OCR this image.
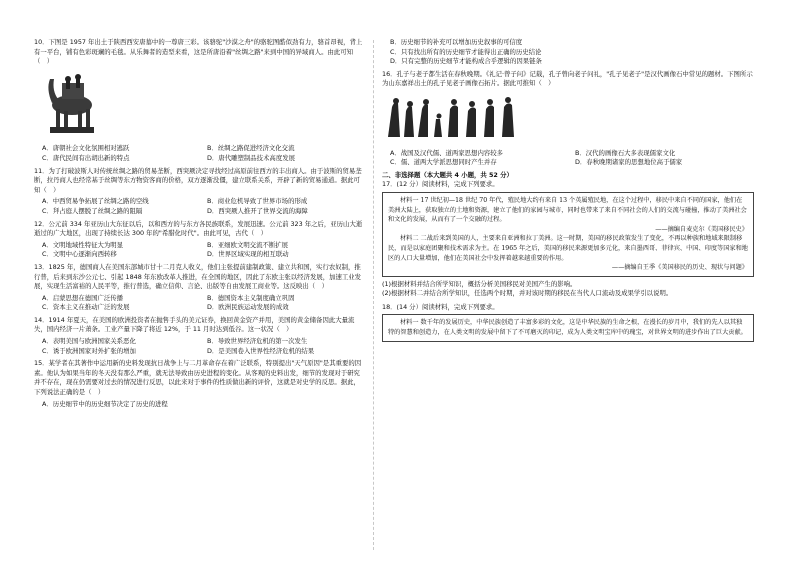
10．下图是 1957 年出土于陕西西安唐墓中的一尊唐三彩。该骆驼"沙漠之舟"的骆驼图酷似劲有力，骆首昂视，背上有一平台，铺有色彩斑斓的毛毯。从乐舞者的造型来看，这是所唐沿着"丝绸之路"来到中国的异域商人。由此可知（　）

A．唐朝社会文化氛围相对逃跃	B．丝绸之路促进经济文化交流
C．唐代民间有出胡出新的特点	D．唐代雕塑制品技术高度发展

11．为了打破波斯人对传统丝绸之路的贸易垄断，西突厥决定寻找经过高原前往西方的丰出商人。由于波斯的贸易垄断，拉丹商人也经常基于丝绸等东方物资客商的价格，双方逐渐没僵，建立联系关系，开辟了新的贸易通道。据此可知（　）

A．中西贸易争拓展了丝绸之路的空线	B．商业危机导致了世界市场的形成
C．拜占庭人摆脱了丝绸之路的阻隔	D．西突厥人推开了世界交流的海障

12．公元前 334 年亚历山大东征以后，以和西方的与东方各民族联系，发展迅速。公元前 323 年之后，亚历山大逝逝过的广大地区，出现了持续长达 300 年的"希腊化时代"。由此可见，古代（　）

A．文明地域性特征大为明显	B．亚细欧文明交流不断扩展
C．文明中心逐渐向西转移	D．世界区域实现的相互联动

13．1825 年，德国商人在美国东部城市甘十二月克人收义，他们主张提前建制政策、建立共和国，实行农奴制，推行普，后来到东沙公元七、引起 1848 年东欧改革人推进，在全国的地区，因此了东欧主张以经济发展，加速工业发展，实现生活富裕的人民平等，推行普选，确立信仰、言论、出版等自由发展工商业等。这反映出（　）

A．启蒙思想在德国广泛传播	B．德国资本主义制度确立巩固
C．资本主义在推动广泛的发展	D．欧洲民族运动发展的成效

14．1914 年夏天，在美国的欧洲投资者在抛售手头的美元证券，换回黄金资产并用，美国的黄金储备因此大量流失，国内经济一片萧条。工业产量下降了将近 12%，于 11 月时达到低谷。这一状况（　）

A．表明美国与欧洲国家关系恶化	B．导致世界经济危机的第一次发生
C．诱于欧洲国家对外扩张的增加	D．是美国卷入世界性经济危机的结果

15．某学者在其著作中运用新的史料发现抗日战争上与二月革命存在着广泛联系，特别提出"天气原因"是其重要的因素。他认为如果当年的冬天没有那么严重，就无法导致由历史进程的变化。从客观的史料出发，细节的发现对于研究并不存在，现在仍需要对过去的情况进行反思，以此来对于事件的性质做出新的评价，这就是对史学的反思。据此，下列说法正确的是（　）

A．历史细节中的历史细节决定了历史的进程
B．历史细节的补充可以增加历史叙事的可信度
C．只有找出所有的历史细节才能得出正确的历史结论
D．只有完整的历史细节才能构成合乎逻辑的因果链条

16．孔子与老子都生活在春秋晚期。《礼记·曾子问》记载，孔子曾向老子问礼，"孔子见老子"是汉代画像石中常见的题材。下图所示为山东嘉祥出土的孔子见老子画像石拓片。据此可推知（　）

A．战国及汉代儒、道两家思想内容较多	B．汉代的画像石大多表现儒家文化
C．儒、道两大学派思想同时产生并存	D．春秋晚期诸家的思想地位高于儒家

二、非选择题（本大题共 4 小题，共 52 分）

17．(12 分）阅读材料，完成下列要求。

材料一 17 世纪初—18 世纪 70 年代，殖民地大约有来自 13 个英属殖民地，在这个过程中，移民中来自不同的国家，他们在美洲大陆上，获取独立的土地和资源，建立了他们的家园与城市，同时也带来了来自不同社会的人们的交流与碰撞，推动了美洲社会和文化的发展，从而有了一个交融的过程。

——摘编自麦克尔《美国移民史》

材料二 二战后来到美国的人，主要来自亚洲和拉丁美洲。这一时期，美国的移民政策发生了变化，不再以种族和地域来限制移民，而是以家庭团聚和技术需求为主。在 1965 年之后，美国的移民来源更加多元化，来自墨西哥、菲律宾、中国、印度等国家和地区的人口大量增加，他们在美国社会中发挥着越来越重要的作用。

——摘编自王季《美国移民的历史、现状与问题》

(1)根据材料并结合所学知识，概括分析美国移民对美国产生的影响。

(2)根据材料二并结合所学知识，任选两个时期，并对该时期的移民在当代人口流动及成果学引以说明。

18．(14 分）阅读材料，完成下列要求。

材料一 数千年的发展历史，中华民族创造了丰富多彩的文化，这是中华民族的生命之根，在漫长的岁月中，我们的先人以其独特的智慧和创造力，在人类文明的发展中留下了不可磨灭的印记，成为人类文明宝库中的瑰宝，对世界文明的进步作出了巨大贡献。
